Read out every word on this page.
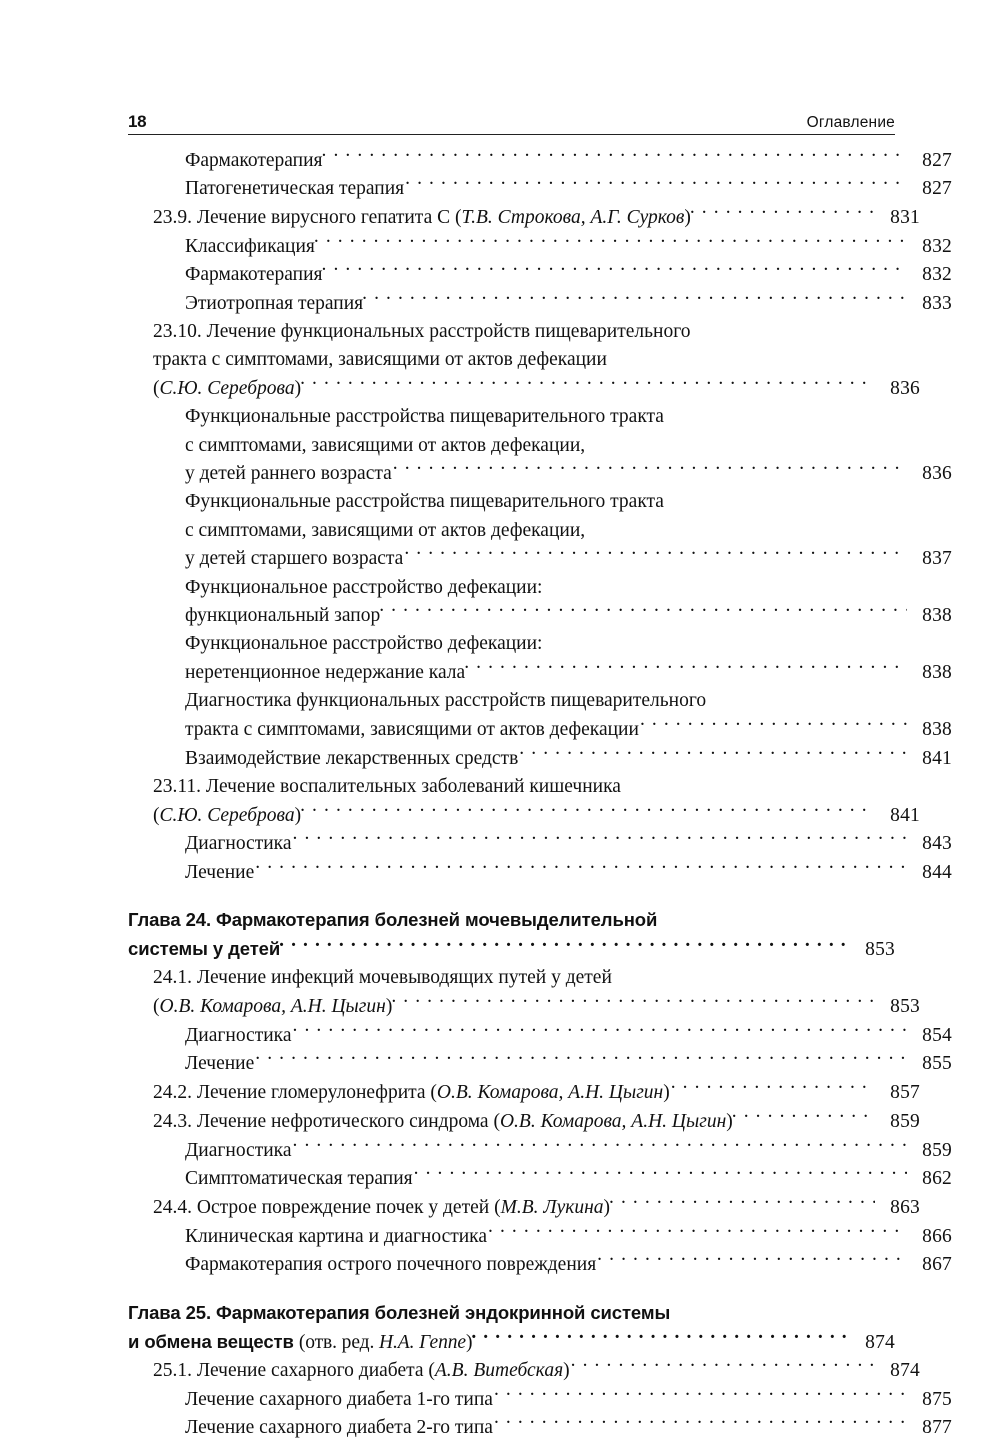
18	Оглавление
Фармакотерапия . . .	827
Патогенетическая терапия . . .	827
23.9. Лечение вирусного гепатита C (Т.В. Строкова, А.Г. Сурков) . . .	831
Классификация . . .	832
Фармакотерапия . . .	832
Этиотропная терапия . . .	833
23.10. Лечение функциональных расстройств пищеварительного
тракта с симптомами, зависящими от актов дефекации
(С.Ю. Сереброва) . . .	836
Функциональные расстройства пищеварительного тракта
с симптомами, зависящими от актов дефекации,
у детей раннего возраста . . .	836
Функциональные расстройства пищеварительного тракта
с симптомами, зависящими от актов дефекации,
у детей старшего возраста . . .	837
Функциональное расстройство дефекации:
функциональный запор . . .	838
Функциональное расстройство дефекации:
неретенционное недержание кала . . .	838
Диагностика функциональных расстройств пищеварительного
тракта с симптомами, зависящими от актов дефекации . . .	838
Взаимодействие лекарственных средств . . .	841
23.11. Лечение воспалительных заболеваний кишечника
(С.Ю. Сереброва) . . .	841
Диагностика . . .	843
Лечение . . .	844
Глава 24. Фармакотерапия болезней мочевыделительной
системы у детей . . .	853
24.1. Лечение инфекций мочевыводящих путей у детей
(О.В. Комарова, А.Н. Цыгин) . . .	853
Диагностика . . .	854
Лечение . . .	855
24.2. Лечение гломерулонефрита (О.В. Комарова, А.Н. Цыгин) . . .	857
24.3. Лечение нефротического синдрома (О.В. Комарова, А.Н. Цыгин) . . .	859
Диагностика . . .	859
Симптоматическая терапия . . .	862
24.4. Острое повреждение почек у детей (М.В. Лукина) . . .	863
Клиническая картина и диагностика . . .	866
Фармакотерапия острого почечного повреждения . . .	867
Глава 25. Фармакотерапия болезней эндокринной системы
и обмена веществ (отв. ред. Н.А. Геппе) . . .	874
25.1. Лечение сахарного диабета (А.В. Витебская) . . .	874
Лечение сахарного диабета 1-го типа . . .	875
Лечение сахарного диабета 2-го типа . . .	877
